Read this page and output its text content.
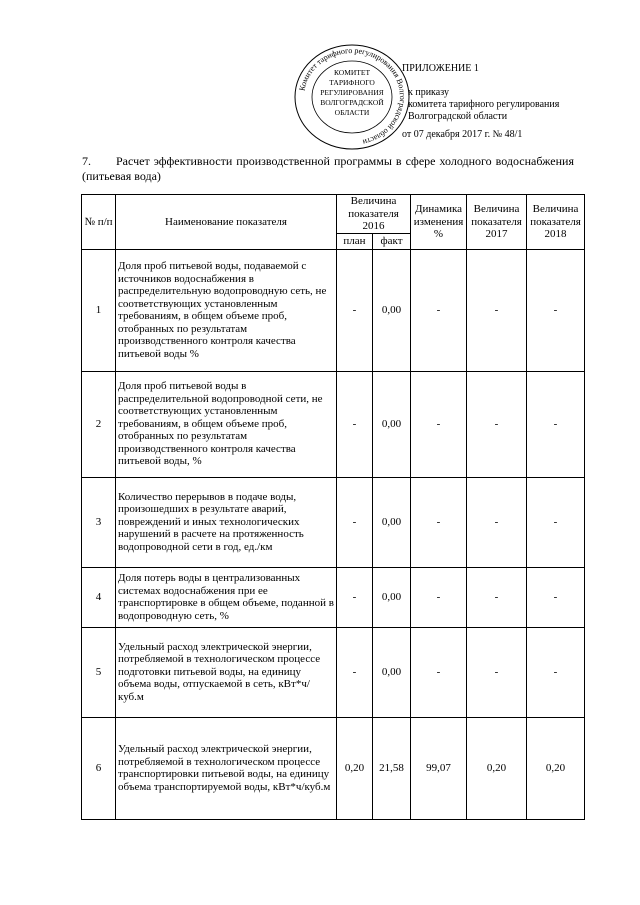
Комитет тарифного регулирования Волгоградской области
КОМИТЕТ
ТАРИФНОГО
РЕГУЛИРОВАНИЯ
ВОЛГОГРАДСКОЙ
ОБЛАСТИ
ПРИЛОЖЕНИЕ 1
к приказу
комитета тарифного регулирования
Волгоградской области
от 07 декабря 2017 г. № 48/1
7. Расчет эффективности производственной программы в сфере холодного водоснабжения (питьевая вода)
№ п/п	Наименование показателя	Величина показателя 2016		Динамика изменения %	Величина показателя 2017	Величина показателя 2018
		план	факт			
1	Доля проб питьевой воды, подаваемой с источников водоснабжения в распределительную водопроводную сеть, не соответствующих установленным требованиям, в общем объеме проб, отобранных по результатам производственного контроля качества питьевой воды %	-	0,00	-	-	-
2	Доля проб питьевой воды в распределительной водопроводной сети, не соответствующих установленным требованиям, в общем объеме проб, отобранных по результатам производственного контроля качества питьевой воды, %	-	0,00	-	-	-
3	Количество перерывов в подаче воды, произошедших в результате аварий, повреждений и иных технологических нарушений в расчете на протяженность водопроводной сети в год, ед./км	-	0,00	-	-	-
4	Доля потерь воды в централизованных системах водоснабжения при ее транспортировке в общем объеме, поданной в водопроводную сеть, %	-	0,00	-	-	-
5	Удельный расход электрической энергии, потребляемой в технологическом процессе подготовки питьевой воды, на единицу объема воды, отпускаемой в сеть, кВт*ч/куб.м	-	0,00	-	-	-
6	Удельный расход электрической энергии, потребляемой в технологическом процессе транспортировки питьевой воды, на единицу объема транспортируемой воды, кВт*ч/куб.м	0,20	21,58	99,07	0,20	0,20
